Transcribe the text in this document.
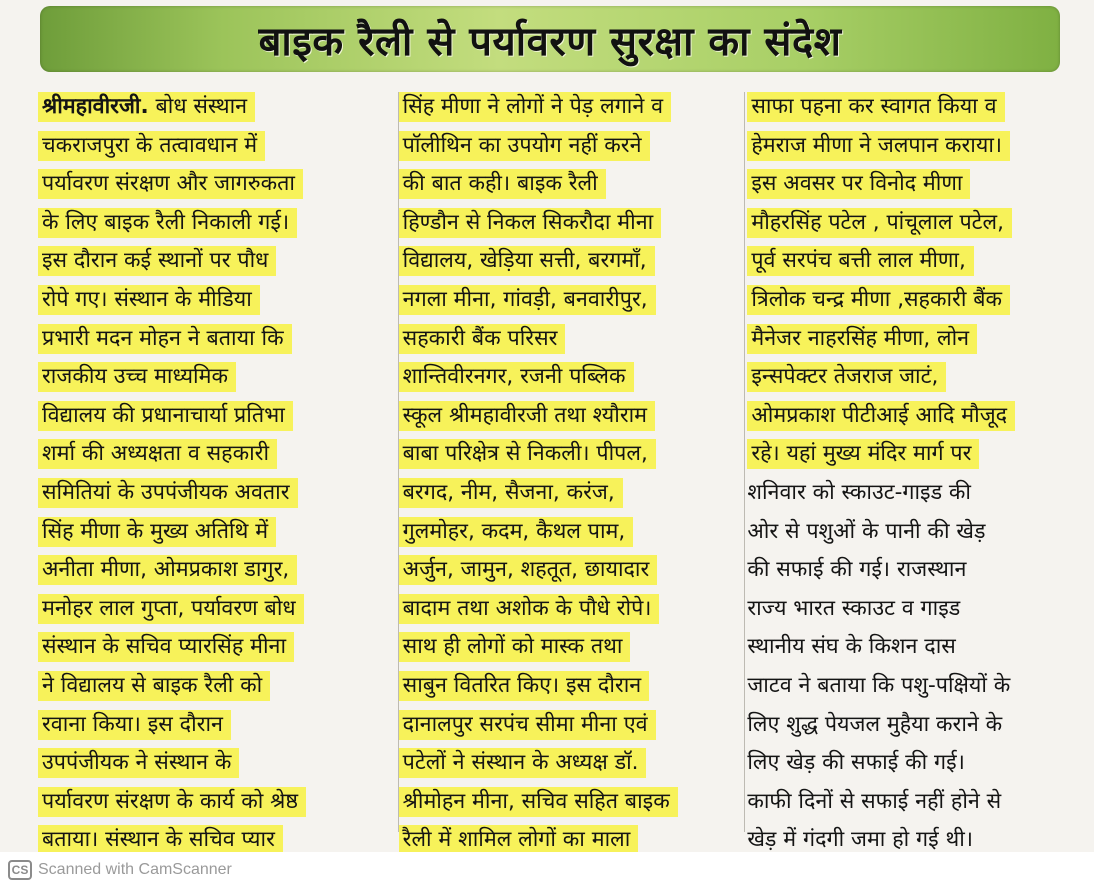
बाइक रैली से पर्यावरण सुरक्षा का संदेश
श्रीमहावीरजी. बोध संस्थान
चकराजपुरा के तत्वावधान में
पर्यावरण संरक्षण और जागरुकता
के लिए बाइक रैली निकाली गई।
इस दौरान कई स्थानों पर पौध
रोपे गए। संस्थान के मीडिया
प्रभारी मदन मोहन ने बताया कि
राजकीय उच्च माध्यमिक
विद्यालय की प्रधानाचार्या प्रतिभा
शर्मा की अध्यक्षता व सहकारी
समितियां के उपपंजीयक अवतार
सिंह मीणा के मुख्य अतिथि में
अनीता मीणा, ओमप्रकाश डागुर,
मनोहर लाल गुप्ता, पर्यावरण बोध
संस्थान के सचिव प्यारसिंह मीना
ने विद्यालय से बाइक रैली को
रवाना किया। इस दौरान
उपपंजीयक ने संस्थान के
पर्यावरण संरक्षण के कार्य को श्रेष्ठ
बताया। संस्थान के सचिव प्यार
सिंह मीणा ने लोगों ने पेड़ लगाने व
पॉलीथिन का उपयोग नहीं करने
की बात कही। बाइक रैली
हिण्डौन से निकल सिकरौदा मीना
विद्यालय, खेड़िया सत्ती, बरगमाँ,
नगला मीना, गांवड़ी, बनवारीपुर,
सहकारी बैंक परिसर
शान्तिवीरनगर, रजनी पब्लिक
स्कूल श्रीमहावीरजी तथा श्यौराम
बाबा परिक्षेत्र से निकली। पीपल,
बरगद, नीम, सैजना, करंज,
गुलमोहर, कदम, कैथल पाम,
अर्जुन, जामुन, शहतूत, छायादार
बादाम तथा अशोक के पौधे रोपे।
साथ ही लोगों को मास्क तथा
साबुन वितरित किए। इस दौरान
दानालपुर सरपंच सीमा मीना एवं
पटेलों ने संस्थान के अध्यक्ष डॉ.
श्रीमोहन मीना, सचिव सहित बाइक
रैली में शामिल लोगों का माला
साफा पहना कर स्वागत किया व
हेमराज मीणा ने जलपान कराया।
इस अवसर पर विनोद मीणा
मौहरसिंह पटेल , पांचूलाल पटेल,
पूर्व सरपंच बत्ती लाल मीणा,
त्रिलोक चन्द्र मीणा ,सहकारी बैंक
मैनेजर नाहरसिंह मीणा, लोन
इन्सपेक्टर तेजराज जाटं,
ओमप्रकाश पीटीआई आदि मौजूद
रहे। यहां मुख्य मंदिर मार्ग पर
शनिवार को स्काउट-गाइड की
ओर से पशुओं के पानी की खेड़
की सफाई की गई। राजस्थान
राज्य भारत स्काउट व गाइड
स्थानीय संघ के किशन दास
जाटव ने बताया कि पशु-पक्षियों के
लिए शुद्ध पेयजल मुहैया कराने के
लिए खेड़ की सफाई की गई।
काफी दिनों से सफाई नहीं होने से
खेड़ में गंदगी जमा हो गई थी।
CS Scanned with CamScanner
